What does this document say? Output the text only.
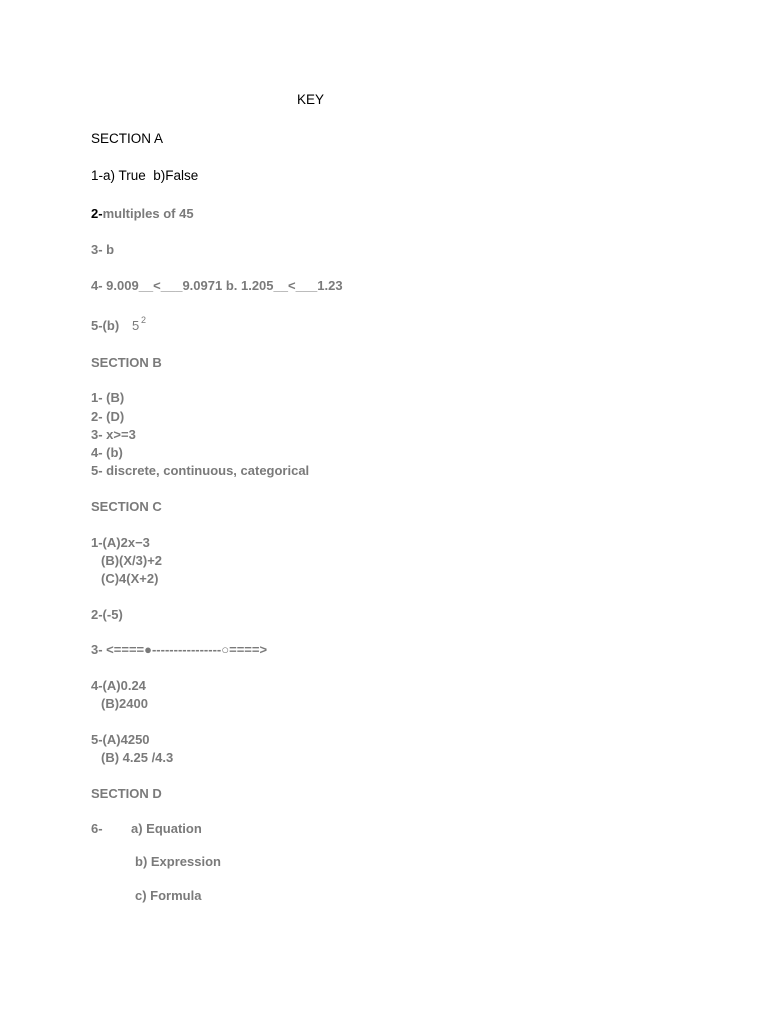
KEY
SECTION A
1-a) True  b)False
2-multiples of 45
3- b
4- 9.009__<___9.0971 b. 1.205__<___1.23
5-(b) 5 2
SECTION B
1- (B)
2- (D)
3- x>=3
4- (b)
5- discrete, continuous, categorical
SECTION C
1-(A)2x−3
(B)(X/3)+2
(C)4(X+2)
2-(-5)
3- <====●----------------○====>
4-(A)0.24
(B)2400
5-(A)4250
(B) 4.25 /4.3
SECTION D
6- a) Equation
b) Expression
c) Formula
